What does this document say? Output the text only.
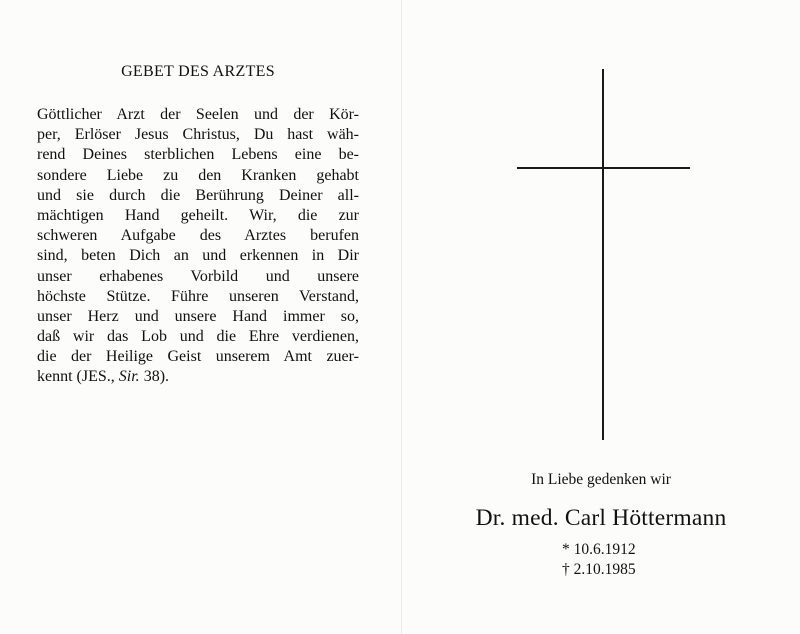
GEBET DES ARZTES
Göttlicher Arzt der Seelen und der Kör-
per, Erlöser Jesus Christus, Du hast wäh-
rend Deines sterblichen Lebens eine be-
sondere Liebe zu den Kranken gehabt
und sie durch die Berührung Deiner all-
mächtigen Hand geheilt. Wir, die zur
schweren Aufgabe des Arztes berufen
sind, beten Dich an und erkennen in Dir
unser erhabenes Vorbild und unsere
höchste Stütze. Führe unseren Verstand,
unser Herz und unsere Hand immer so,
daß wir das Lob und die Ehre verdienen,
die der Heilige Geist unserem Amt zuer-
kennt (JES., Sir. 38).
In Liebe gedenken wir
Dr. med. Carl Höttermann
* 10.6.1912
† 2.10.1985
